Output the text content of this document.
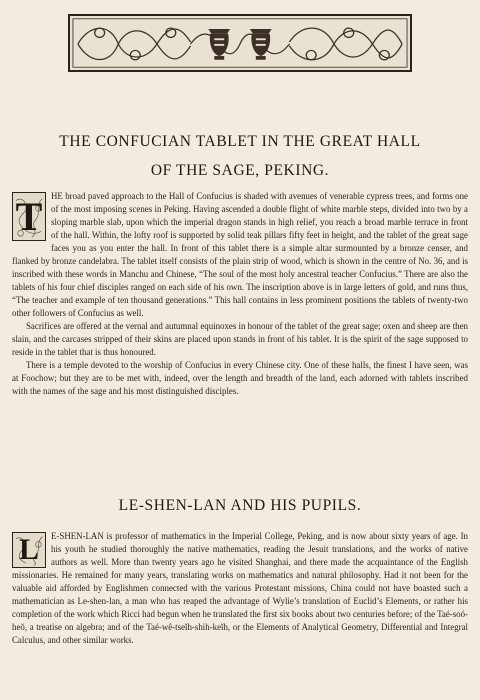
THE CONFUCIAN TABLET IN THE GREAT HALL
OF THE SAGE, PEKING.

T HE broad paved approach to the Hall of Confucius is shaded with avenues of venerable cypress trees, and forms one of the most imposing scenes in Peking. Having ascended a double flight of white marble steps, divided into two by a sloping marble slab, upon which the imperial dragon stands in high relief, you reach a broad marble terrace in front of the hall. Within, the lofty roof is supported by solid teak pillars fifty feet in height, and the tablet of the great sage faces you as you enter the hall. In front of this tablet there is a simple altar surmounted by a bronze censer, and flanked by bronze candelabra. The tablet itself consists of the plain strip of wood, which is shown in the centre of No. 36, and is inscribed with these words in Manchu and Chinese, “The soul of the most holy ancestral teacher Confucius.” There are also the tablets of his four chief disciples ranged on each side of his own. The inscription above is in large letters of gold, and runs thus, “The teacher and example of ten thousand generations.” This hall contains in less prominent positions the tablets of twenty-two other followers of Confucius as well.

Sacrifices are offered at the vernal and autumnal equinoxes in honour of the tablet of the great sage; oxen and sheep are then slain, and the carcases stripped of their skins are placed upon stands in front of his tablet. It is the spirit of the sage supposed to reside in the tablet that is thus honoured.

There is a temple devoted to the worship of Confucius in every Chinese city. One of these halls, the finest I have seen, was at Foochow; but they are to be met with, indeed, over the length and breadth of the land, each adorned with tablets inscribed with the names of the sage and his most distinguished disciples.

LE-SHEN-LAN AND HIS PUPILS.

L	E-SHEN-LAN is professor of mathematics in the Imperial College, Peking, and is now about sixty years of age. In his youth he studied thoroughly the native mathematics, reading the Jesuit translations, and the works of native authors as well. More than twenty years ago he visited Shanghai, and there made the acquaintance of the English missionaries. He remained for many years, translating works on mathematics and natural philosophy. Had it not been for the valuable aid afforded by Englishmen connected with the various Protestant missions, China could not have boasted such a mathematician as Le-shen-lan, a man who has reaped the advantage of Wylie’s translation of Euclid’s Elements, or rather his completion of the work which Ricci had begun when he translated the first six books about two centuries before; of the Taé-soó-heŏ, a treatise on algebra; and of the Taé-wê-tseĭh-shih-keĭh, or the Elements of Analytical Geometry, Differential and Integral Calculus, and other similar works.
